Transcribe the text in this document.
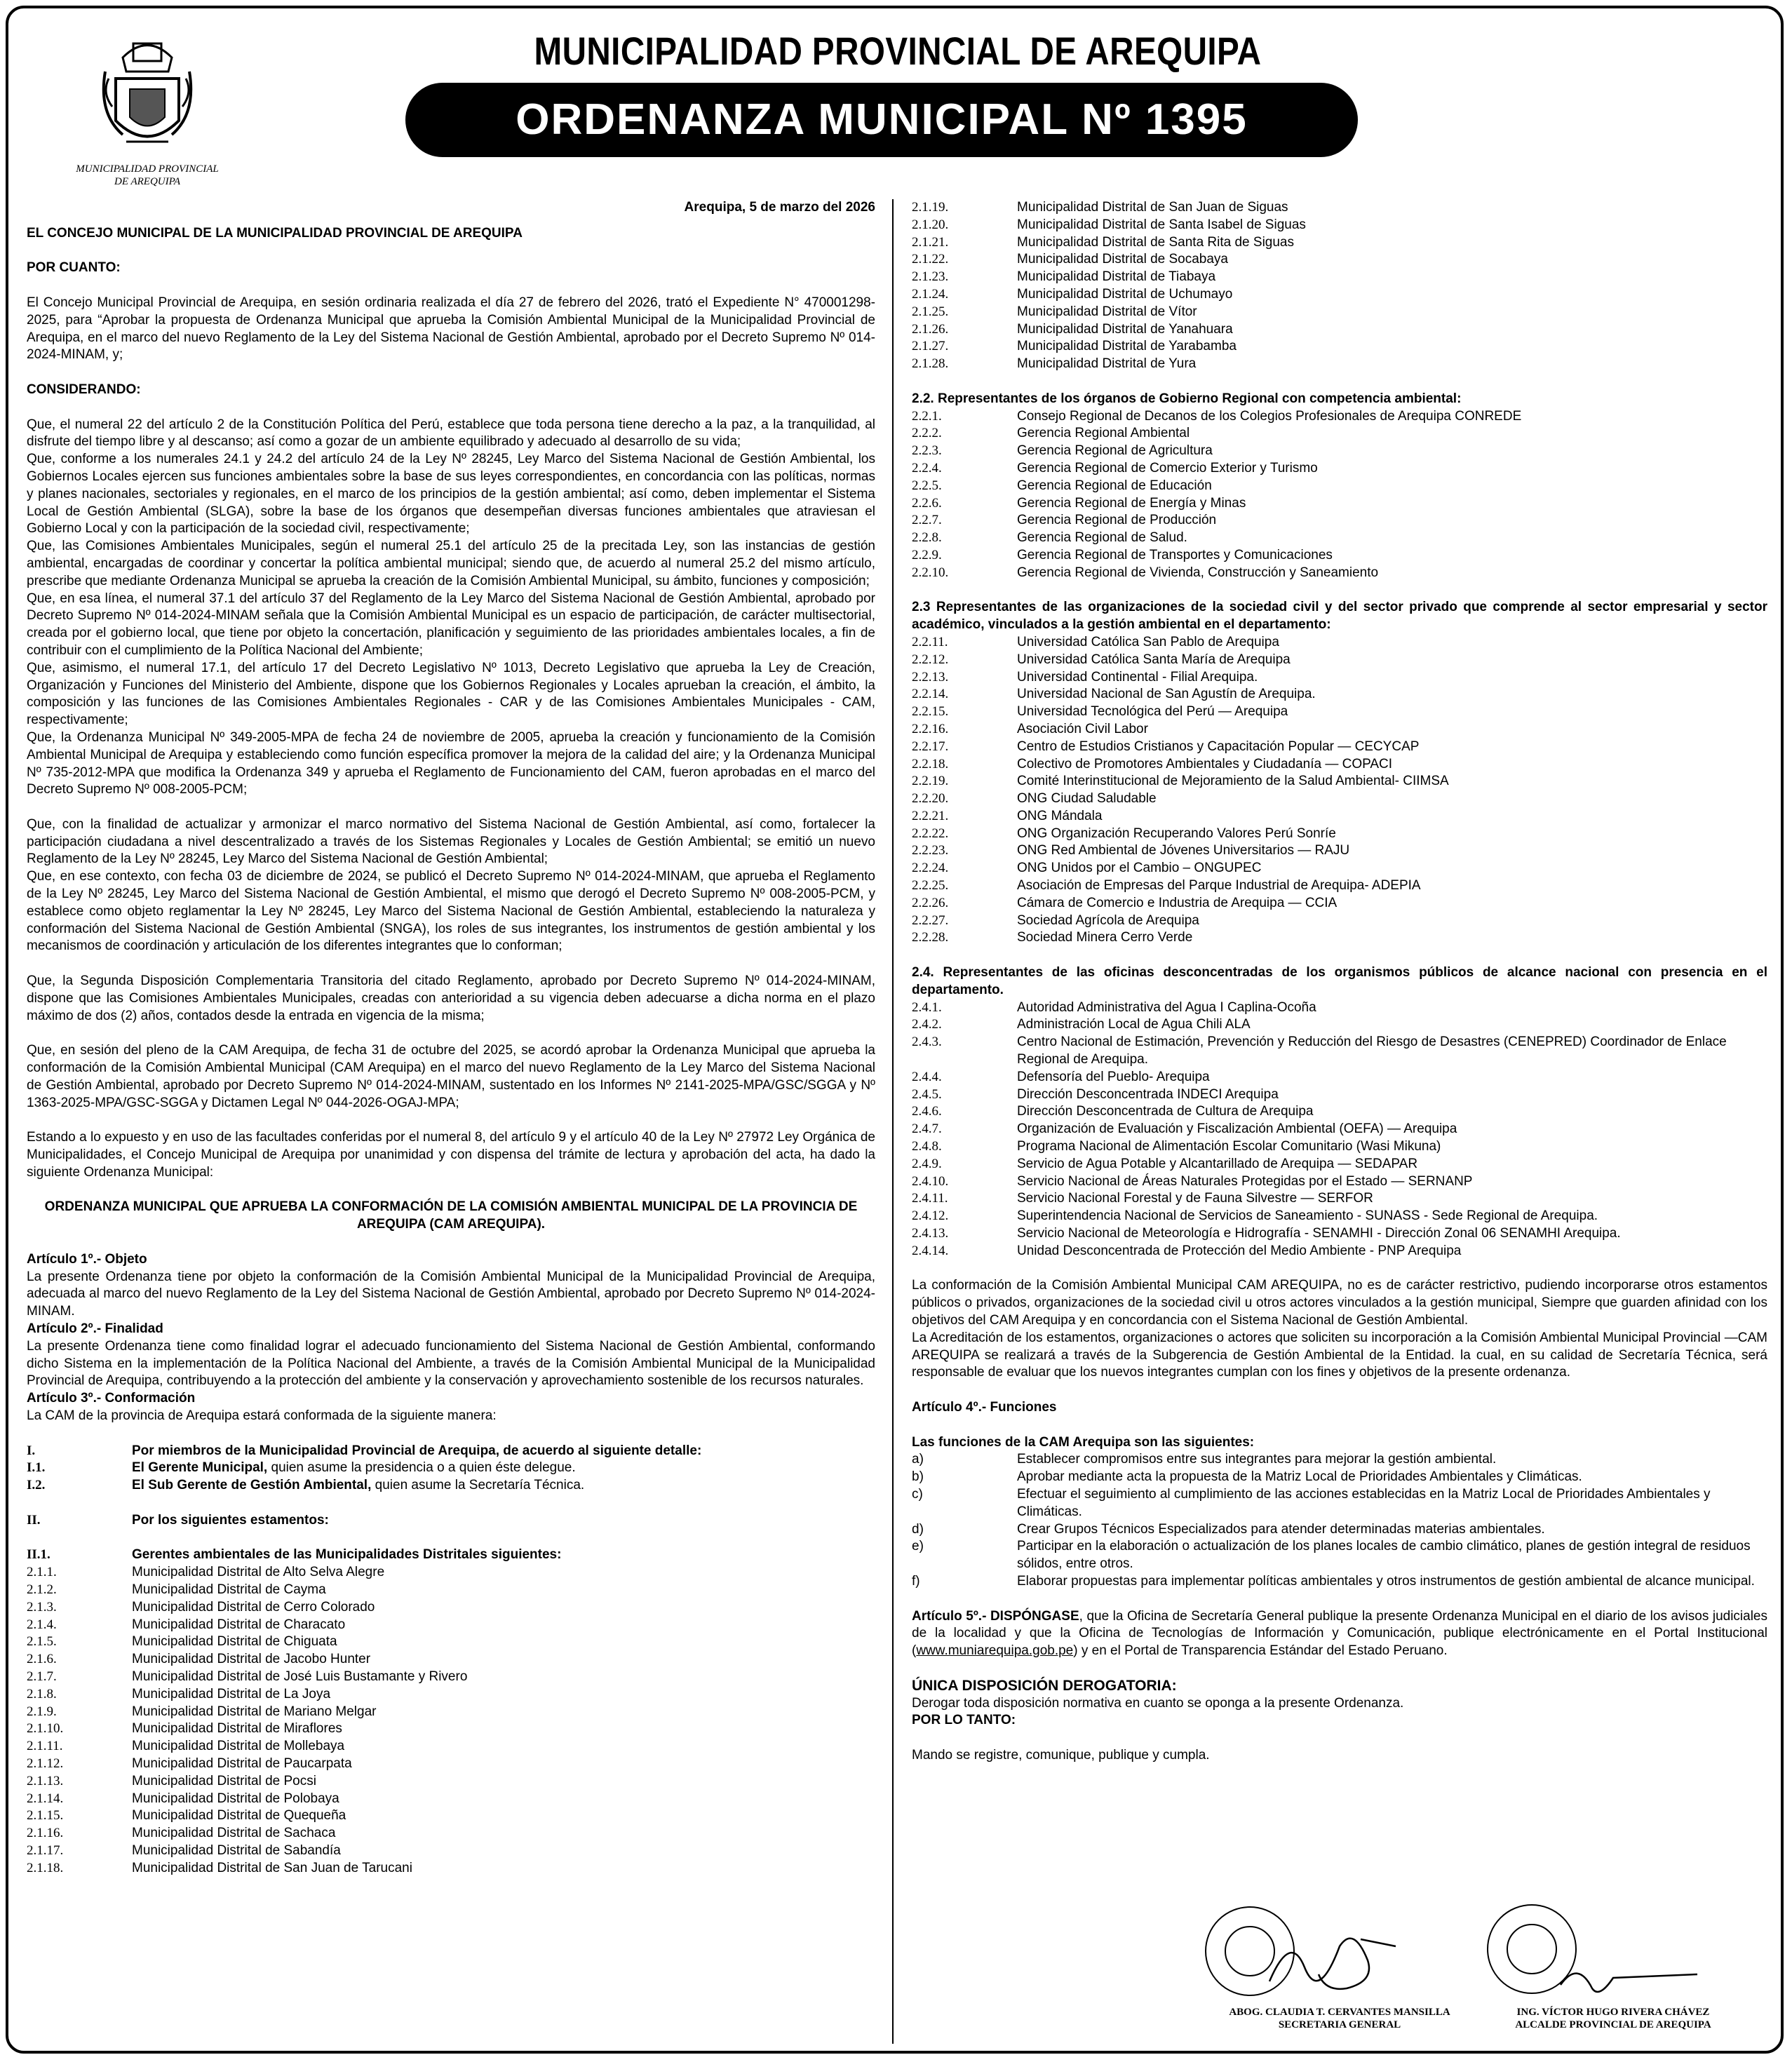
MUNICIPALIDAD PROVINCIAL
DE AREQUIPA
MUNICIPALIDAD PROVINCIAL DE AREQUIPA
ORDENANZA MUNICIPAL Nº 1395

Arequipa, 5 de marzo del 2026

EL CONCEJO MUNICIPAL DE LA MUNICIPALIDAD PROVINCIAL DE AREQUIPA

POR CUANTO:

El Concejo Municipal Provincial de Arequipa, en sesión ordinaria realizada el día 27 de febrero del 2026, trató el Expediente N° 470001298-2025, para “Aprobar la propuesta de Ordenanza Municipal que aprueba la Comisión Ambiental Municipal de la Municipalidad Provincial de Arequipa, en el marco del nuevo Reglamento de la Ley del Sistema Nacional de Gestión Ambiental, aprobado por el Decreto Supremo Nº 014-2024-MINAM, y;

CONSIDERANDO:

Que, el numeral 22 del artículo 2 de la Constitución Política del Perú, establece que toda persona tiene derecho a la paz, a la tranquilidad, al disfrute del tiempo libre y al descanso; así como a gozar de un ambiente equilibrado y adecuado al desarrollo de su vida;

Que, conforme a los numerales 24.1 y 24.2 del artículo 24 de la Ley Nº 28245, Ley Marco del Sistema Nacional de Gestión Ambiental, los Gobiernos Locales ejercen sus funciones ambientales sobre la base de sus leyes correspondientes, en concordancia con las políticas, normas y planes nacionales, sectoriales y regionales, en el marco de los principios de la gestión ambiental; así como, deben implementar el Sistema Local de Gestión Ambiental (SLGA), sobre la base de los órganos que desempeñan diversas funciones ambientales que atraviesan el Gobierno Local y con la participación de la sociedad civil, respectivamente;

Que, las Comisiones Ambientales Municipales, según el numeral 25.1 del artículo 25 de la precitada Ley, son las instancias de gestión ambiental, encargadas de coordinar y concertar la política ambiental municipal; siendo que, de acuerdo al numeral 25.2 del mismo artículo, prescribe que mediante Ordenanza Municipal se aprueba la creación de la Comisión Ambiental Municipal, su ámbito, funciones y composición;

Que, en esa línea, el numeral 37.1 del artículo 37 del Reglamento de la Ley Marco del Sistema Nacional de Gestión Ambiental, aprobado por Decreto Supremo Nº 014-2024-MINAM señala que la Comisión Ambiental Municipal es un espacio de participación, de carácter multisectorial, creada por el gobierno local, que tiene por objeto la concertación, planificación y seguimiento de las prioridades ambientales locales, a fin de contribuir con el cumplimiento de la Política Nacional del Ambiente;

Que, asimismo, el numeral 17.1, del artículo 17 del Decreto Legislativo Nº 1013, Decreto Legislativo que aprueba la Ley de Creación, Organización y Funciones del Ministerio del Ambiente, dispone que los Gobiernos Regionales y Locales aprueban la creación, el ámbito, la composición y las funciones de las Comisiones Ambientales Regionales - CAR y de las Comisiones Ambientales Municipales - CAM, respectivamente;

Que, la Ordenanza Municipal Nº 349-2005-MPA de fecha 24 de noviembre de 2005, aprueba la creación y funcionamiento de la Comisión Ambiental Municipal de Arequipa y estableciendo como función específica promover la mejora de la calidad del aire; y la Ordenanza Municipal Nº 735-2012-MPA que modifica la Ordenanza 349 y aprueba el Reglamento de Funcionamiento del CAM, fueron aprobadas en el marco del Decreto Supremo Nº 008-2005-PCM;

Que, con la finalidad de actualizar y armonizar el marco normativo del Sistema Nacional de Gestión Ambiental, así como, fortalecer la participación ciudadana a nivel descentralizado a través de los Sistemas Regionales y Locales de Gestión Ambiental; se emitió un nuevo Reglamento de la Ley Nº 28245, Ley Marco del Sistema Nacional de Gestión Ambiental;

Que, en ese contexto, con fecha 03 de diciembre de 2024, se publicó el Decreto Supremo Nº 014-2024-MINAM, que aprueba el Reglamento de la Ley Nº 28245, Ley Marco del Sistema Nacional de Gestión Ambiental, el mismo que derogó el Decreto Supremo Nº 008-2005-PCM, y establece como objeto reglamentar la Ley Nº 28245, Ley Marco del Sistema Nacional de Gestión Ambiental, estableciendo la naturaleza y conformación del Sistema Nacional de Gestión Ambiental (SNGA), los roles de sus integrantes, los instrumentos de gestión ambiental y los mecanismos de coordinación y articulación de los diferentes integrantes que lo conforman;

Que, la Segunda Disposición Complementaria Transitoria del citado Reglamento, aprobado por Decreto Supremo Nº 014-2024-MINAM, dispone que las Comisiones Ambientales Municipales, creadas con anterioridad a su vigencia deben adecuarse a dicha norma en el plazo máximo de dos (2) años, contados desde la entrada en vigencia de la misma;

Que, en sesión del pleno de la CAM Arequipa, de fecha 31 de octubre del 2025, se acordó aprobar la Ordenanza Municipal que aprueba la conformación de la Comisión Ambiental Municipal (CAM Arequipa) en el marco del nuevo Reglamento de la Ley Marco del Sistema Nacional de Gestión Ambiental, aprobado por Decreto Supremo Nº 014-2024-MINAM, sustentado en los Informes Nº 2141-2025-MPA/GSC/SGGA y Nº 1363-2025-MPA/GSC-SGGA y Dictamen Legal Nº 044-2026-OGAJ-MPA;

Estando a lo expuesto y en uso de las facultades conferidas por el numeral 8, del artículo 9 y el artículo 40 de la Ley Nº 27972 Ley Orgánica de Municipalidades, el Concejo Municipal de Arequipa por unanimidad y con dispensa del trámite de lectura y aprobación del acta, ha dado la siguiente Ordenanza Municipal:

ORDENANZA MUNICIPAL QUE APRUEBA LA CONFORMACIÓN DE LA COMISIÓN AMBIENTAL MUNICIPAL DE LA PROVINCIA DE AREQUIPA (CAM AREQUIPA).

Artículo 1º.- Objeto

La presente Ordenanza tiene por objeto la conformación de la Comisión Ambiental Municipal de la Municipalidad Provincial de Arequipa, adecuada al marco del nuevo Reglamento de la Ley del Sistema Nacional de Gestión Ambiental, aprobado por Decreto Supremo Nº 014-2024-MINAM.

Artículo 2º.- Finalidad

La presente Ordenanza tiene como finalidad lograr el adecuado funcionamiento del Sistema Nacional de Gestión Ambiental, conformando dicho Sistema en la implementación de la Política Nacional del Ambiente, a través de la Comisión Ambiental Municipal de la Municipalidad Provincial de Arequipa, contribuyendo a la protección del ambiente y la conservación y aprovechamiento sostenible de los recursos naturales.

Artículo 3º.- Conformación

La CAM de la provincia de Arequipa estará conformada de la siguiente manera:

I.	Por miembros de la Municipalidad Provincial de Arequipa, de acuerdo al siguiente detalle:
I.1.	El Gerente Municipal, quien asume la presidencia o a quien éste delegue.
I.2.	El Sub Gerente de Gestión Ambiental, quien asume la Secretaría Técnica.
II.	Por los siguientes estamentos:
II.1.	Gerentes ambientales de las Municipalidades Distritales siguientes:
2.1.1.	Municipalidad Distrital de Alto Selva Alegre
2.1.2.	Municipalidad Distrital de Cayma
2.1.3.	Municipalidad Distrital de Cerro Colorado
2.1.4.	Municipalidad Distrital de Characato
2.1.5.	Municipalidad Distrital de Chiguata
2.1.6.	Municipalidad Distrital de Jacobo Hunter
2.1.7.	Municipalidad Distrital de José Luis Bustamante y Rivero
2.1.8.	Municipalidad Distrital de La Joya
2.1.9.	Municipalidad Distrital de Mariano Melgar
2.1.10.	Municipalidad Distrital de Miraflores
2.1.11.	Municipalidad Distrital de Mollebaya
2.1.12.	Municipalidad Distrital de Paucarpata
2.1.13.	Municipalidad Distrital de Pocsi
2.1.14.	Municipalidad Distrital de Polobaya
2.1.15.	Municipalidad Distrital de Quequeña
2.1.16.	Municipalidad Distrital de Sachaca
2.1.17.	Municipalidad Distrital de Sabandía
2.1.18.	Municipalidad Distrital de San Juan de Tarucani
2.1.19.	Municipalidad Distrital de San Juan de Siguas
2.1.20.	Municipalidad Distrital de Santa Isabel de Siguas
2.1.21.	Municipalidad Distrital de Santa Rita de Siguas
2.1.22.	Municipalidad Distrital de Socabaya
2.1.23.	Municipalidad Distrital de Tiabaya
2.1.24.	Municipalidad Distrital de Uchumayo
2.1.25.	Municipalidad Distrital de Vítor
2.1.26.	Municipalidad Distrital de Yanahuara
2.1.27.	Municipalidad Distrital de Yarabamba
2.1.28.	Municipalidad Distrital de Yura

2.2. Representantes de los órganos de Gobierno Regional con competencia ambiental:

2.2.1.	Consejo Regional de Decanos de los Colegios Profesionales de Arequipa CONREDE
2.2.2.	Gerencia Regional Ambiental
2.2.3.	Gerencia Regional de Agricultura
2.2.4.	Gerencia Regional de Comercio Exterior y Turismo
2.2.5.	Gerencia Regional de Educación
2.2.6.	Gerencia Regional de Energía y Minas
2.2.7.	Gerencia Regional de Producción
2.2.8.	Gerencia Regional de Salud.
2.2.9.	Gerencia Regional de Transportes y Comunicaciones
2.2.10.	Gerencia Regional de Vivienda, Construcción y Saneamiento

2.3 Representantes de las organizaciones de la sociedad civil y del sector privado que comprende al sector empresarial y sector académico, vinculados a la gestión ambiental en el departamento:

2.2.11.	Universidad Católica San Pablo de Arequipa
2.2.12.	Universidad Católica Santa María de Arequipa
2.2.13.	Universidad Continental - Filial Arequipa.
2.2.14.	Universidad Nacional de San Agustín de Arequipa.
2.2.15.	Universidad Tecnológica del Perú — Arequipa
2.2.16.	Asociación Civil Labor
2.2.17.	Centro de Estudios Cristianos y Capacitación Popular — CECYCAP
2.2.18.	Colectivo de Promotores Ambientales y Ciudadanía — COPACI
2.2.19.	Comité Interinstitucional de Mejoramiento de la Salud Ambiental- CIIMSA
2.2.20.	ONG Ciudad Saludable
2.2.21.	ONG Mándala
2.2.22.	ONG Organización Recuperando Valores Perú Sonríe
2.2.23.	ONG Red Ambiental de Jóvenes Universitarios — RAJU
2.2.24.	ONG Unidos por el Cambio – ONGUPEC
2.2.25.	Asociación de Empresas del Parque Industrial de Arequipa- ADEPIA
2.2.26.	Cámara de Comercio e Industria de Arequipa — CCIA
2.2.27.	Sociedad Agrícola de Arequipa
2.2.28.	Sociedad Minera Cerro Verde

2.4. Representantes de las oficinas desconcentradas de los organismos públicos de alcance nacional con presencia en el departamento.

2.4.1.	Autoridad Administrativa del Agua I Caplina-Ocoña
2.4.2.	Administración Local de Agua Chili ALA
2.4.3.	Centro Nacional de Estimación, Prevención y Reducción del Riesgo de Desastres (CENEPRED) Coordinador de Enlace Regional de Arequipa.
2.4.4.	Defensoría del Pueblo- Arequipa
2.4.5.	Dirección Desconcentrada INDECI Arequipa
2.4.6.	Dirección Desconcentrada de Cultura de Arequipa
2.4.7.	Organización de Evaluación y Fiscalización Ambiental (OEFA) — Arequipa
2.4.8.	Programa Nacional de Alimentación Escolar Comunitario (Wasi Mikuna)
2.4.9.	Servicio de Agua Potable y Alcantarillado de Arequipa — SEDAPAR
2.4.10.	Servicio Nacional de Áreas Naturales Protegidas por el Estado — SERNANP
2.4.11.	Servicio Nacional Forestal y de Fauna Silvestre — SERFOR
2.4.12.	Superintendencia Nacional de Servicios de Saneamiento - SUNASS - Sede Regional de Arequipa.
2.4.13.	Servicio Nacional de Meteorología e Hidrografía - SENAMHI - Dirección Zonal 06 SENAMHI Arequipa.
2.4.14.	Unidad Desconcentrada de Protección del Medio Ambiente - PNP Arequipa

La conformación de la Comisión Ambiental Municipal CAM AREQUIPA, no es de carácter restrictivo, pudiendo incorporarse otros estamentos públicos o privados, organizaciones de la sociedad civil u otros actores vinculados a la gestión municipal, Siempre que guarden afinidad con los objetivos del CAM Arequipa y en concordancia con el Sistema Nacional de Gestión Ambiental.

La Acreditación de los estamentos, organizaciones o actores que soliciten su incorporación a la Comisión Ambiental Municipal Provincial —CAM AREQUIPA se realizará a través de la Subgerencia de Gestión Ambiental de la Entidad. la cual, en su calidad de Secretaría Técnica, será responsable de evaluar que los nuevos integrantes cumplan con los fines y objetivos de la presente ordenanza.

Artículo 4º.- Funciones

Las funciones de la CAM Arequipa son las siguientes:

a)	Establecer compromisos entre sus integrantes para mejorar la gestión ambiental.
b)	Aprobar mediante acta la propuesta de la Matriz Local de Prioridades Ambientales y Climáticas.
c)	Efectuar el seguimiento al cumplimiento de las acciones establecidas en la Matriz Local de Prioridades Ambientales y Climáticas.
d)	Crear Grupos Técnicos Especializados para atender determinadas materias ambientales.
e)	Participar en la elaboración o actualización de los planes locales de cambio climático, planes de gestión integral de residuos sólidos, entre otros.
f)	Elaborar propuestas para implementar políticas ambientales y otros instrumentos de gestión ambiental de alcance municipal.

Artículo 5º.- DISPÓNGASE, que la Oficina de Secretaría General publique la presente Ordenanza Municipal en el diario de los avisos judiciales de la localidad y que la Oficina de Tecnologías de Información y Comunicación, publique electrónicamente en el Portal Institucional (www.muniarequipa.gob.pe) y en el Portal de Transparencia Estándar del Estado Peruano.

ÚNICA DISPOSICIÓN DEROGATORIA:

Derogar toda disposición normativa en cuanto se oponga a la presente Ordenanza.

POR LO TANTO:

Mando se registre, comunique, publique y cumpla.

ABOG. CLAUDIA T. CERVANTES MANSILLA
SECRETARIA GENERAL
ING. VÍCTOR HUGO RIVERA CHÁVEZ
ALCALDE PROVINCIAL DE AREQUIPA
